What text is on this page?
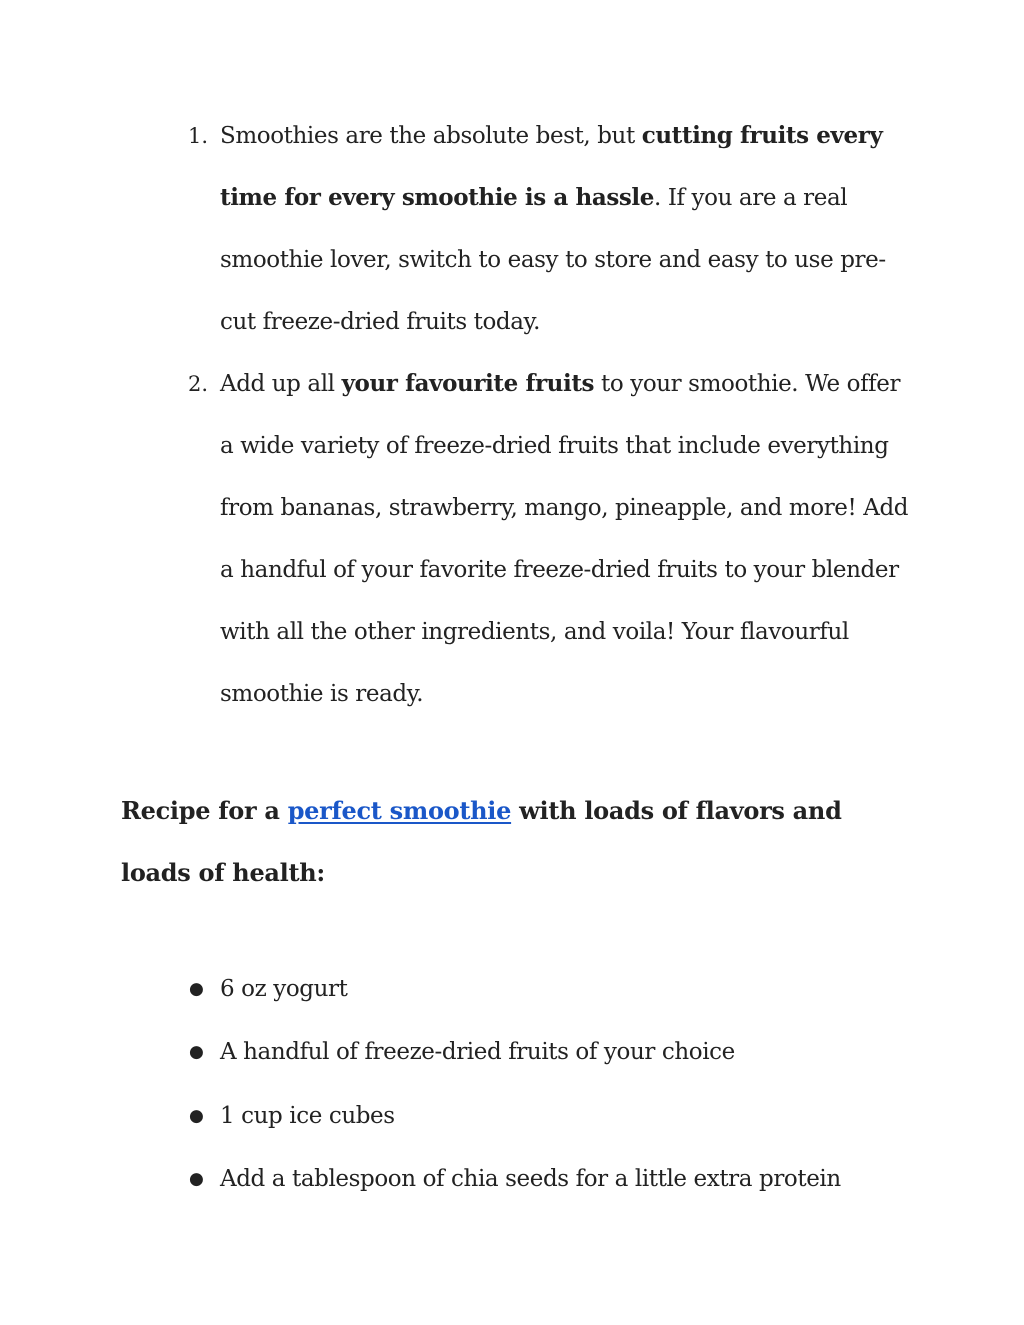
1. Smoothies are the absolute best, but cutting fruits every time for every smoothie is a hassle. If you are a real smoothie lover, switch to easy to store and easy to use pre-cut freeze-dried fruits today.
2. Add up all your favourite fruits to your smoothie. We offer a wide variety of freeze-dried fruits that include everything from bananas, strawberry, mango, pineapple, and more! Add a handful of your favorite freeze-dried fruits to your blender with all the other ingredients, and voila! Your flavourful smoothie is ready.
Recipe for a perfect smoothie with loads of flavors and loads of health:
● 6 oz yogurt
● A handful of freeze-dried fruits of your choice
● 1 cup ice cubes
● Add a tablespoon of chia seeds for a little extra protein
